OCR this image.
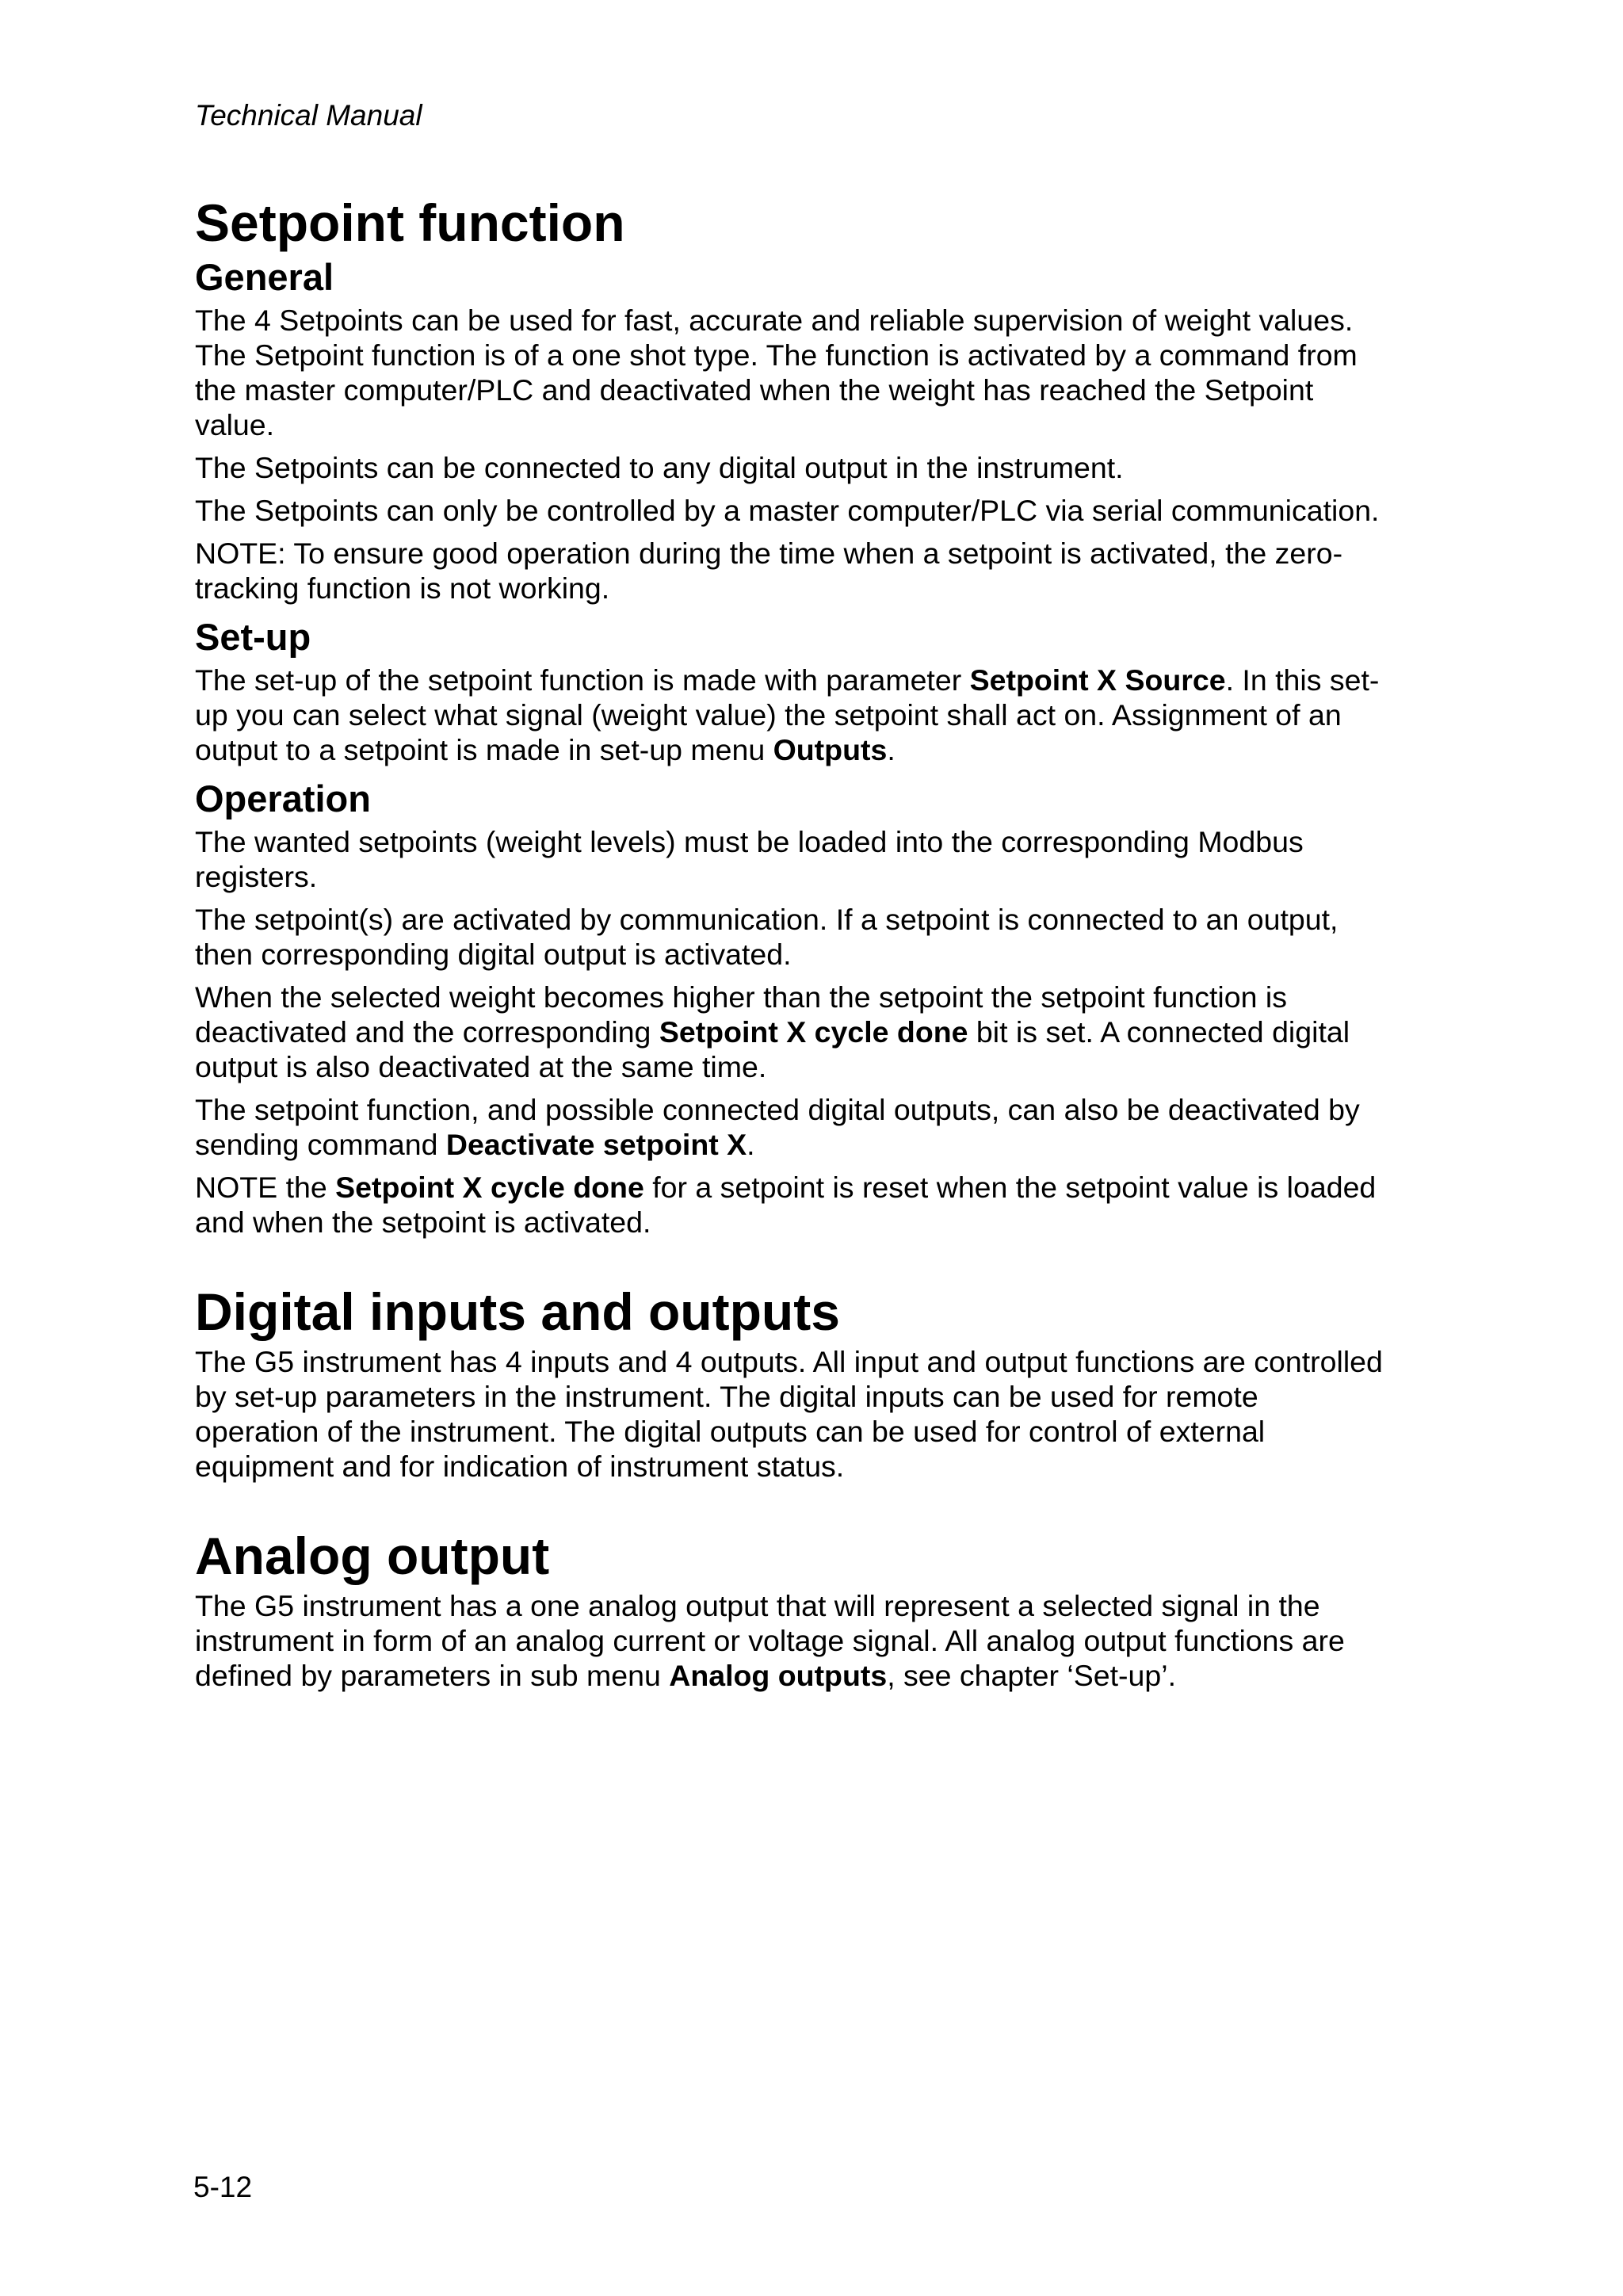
Technical Manual
Setpoint function
General

The 4 Setpoints can be used for fast, accurate and reliable supervision of weight values. The Setpoint function is of a one shot type. The function is activated by a command from the master computer/PLC and deactivated when the weight has reached the Setpoint value.

The Setpoints can be connected to any digital output in the instrument.

The Setpoints can only be controlled by a master computer/PLC via serial communication.

NOTE: To ensure good operation during the time when a setpoint is activated, the zero-tracking function is not working.

Set-up

The set-up of the setpoint function is made with parameter Setpoint X Source. In this set-up you can select what signal (weight value) the setpoint shall act on. Assignment of an output to a setpoint is made in set-up menu Outputs.

Operation

The wanted setpoints (weight levels) must be loaded into the corresponding Modbus registers.

The setpoint(s) are activated by communication. If a setpoint is connected to an output, then corresponding digital output is activated.

When the selected weight becomes higher than the setpoint the setpoint function is deactivated and the corresponding Setpoint X cycle done bit is set. A connected digital output is also deactivated at the same time.

The setpoint function, and possible connected digital outputs, can also be deactivated by sending command Deactivate setpoint X.

NOTE the Setpoint X cycle done for a setpoint is reset when the setpoint value is loaded and when the setpoint is activated.

Digital inputs and outputs

The G5 instrument has 4 inputs and 4 outputs. All input and output functions are controlled by set-up parameters in the instrument. The digital inputs can be used for remote operation of the instrument. The digital outputs can be used for control of external equipment and for indication of instrument status.

Analog output

The G5 instrument has a one analog output that will represent a selected signal in the instrument in form of an analog current or voltage signal. All analog output functions are defined by parameters in sub menu Analog outputs, see chapter ‘Set-up’.

5-12
